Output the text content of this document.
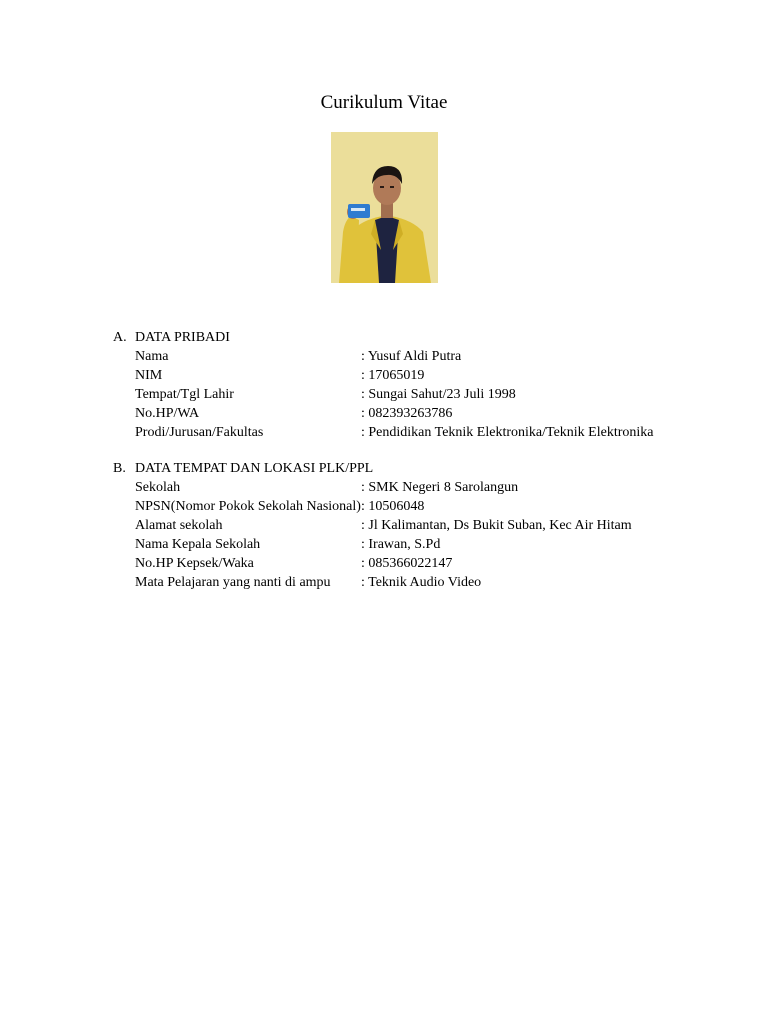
Curikulum Vitae
A. DATA PRIBADI
Nama	: Yusuf Aldi Putra
NIM	: 17065019
Tempat/Tgl Lahir	: Sungai Sahut/23 Juli 1998
No.HP/WA	: 082393263786
Prodi/Jurusan/Fakultas	: Pendidikan Teknik Elektronika/Teknik Elektronika
B. DATA TEMPAT DAN LOKASI PLK/PPL
Sekolah	: SMK Negeri 8 Sarolangun
NPSN(Nomor Pokok Sekolah Nasional) : 10506048
Alamat sekolah	: Jl Kalimantan, Ds Bukit Suban, Kec Air Hitam
Nama Kepala Sekolah	: Irawan, S.Pd
No.HP Kepsek/Waka	: 085366022147
Mata Pelajaran yang nanti di ampu	: Teknik Audio Video
